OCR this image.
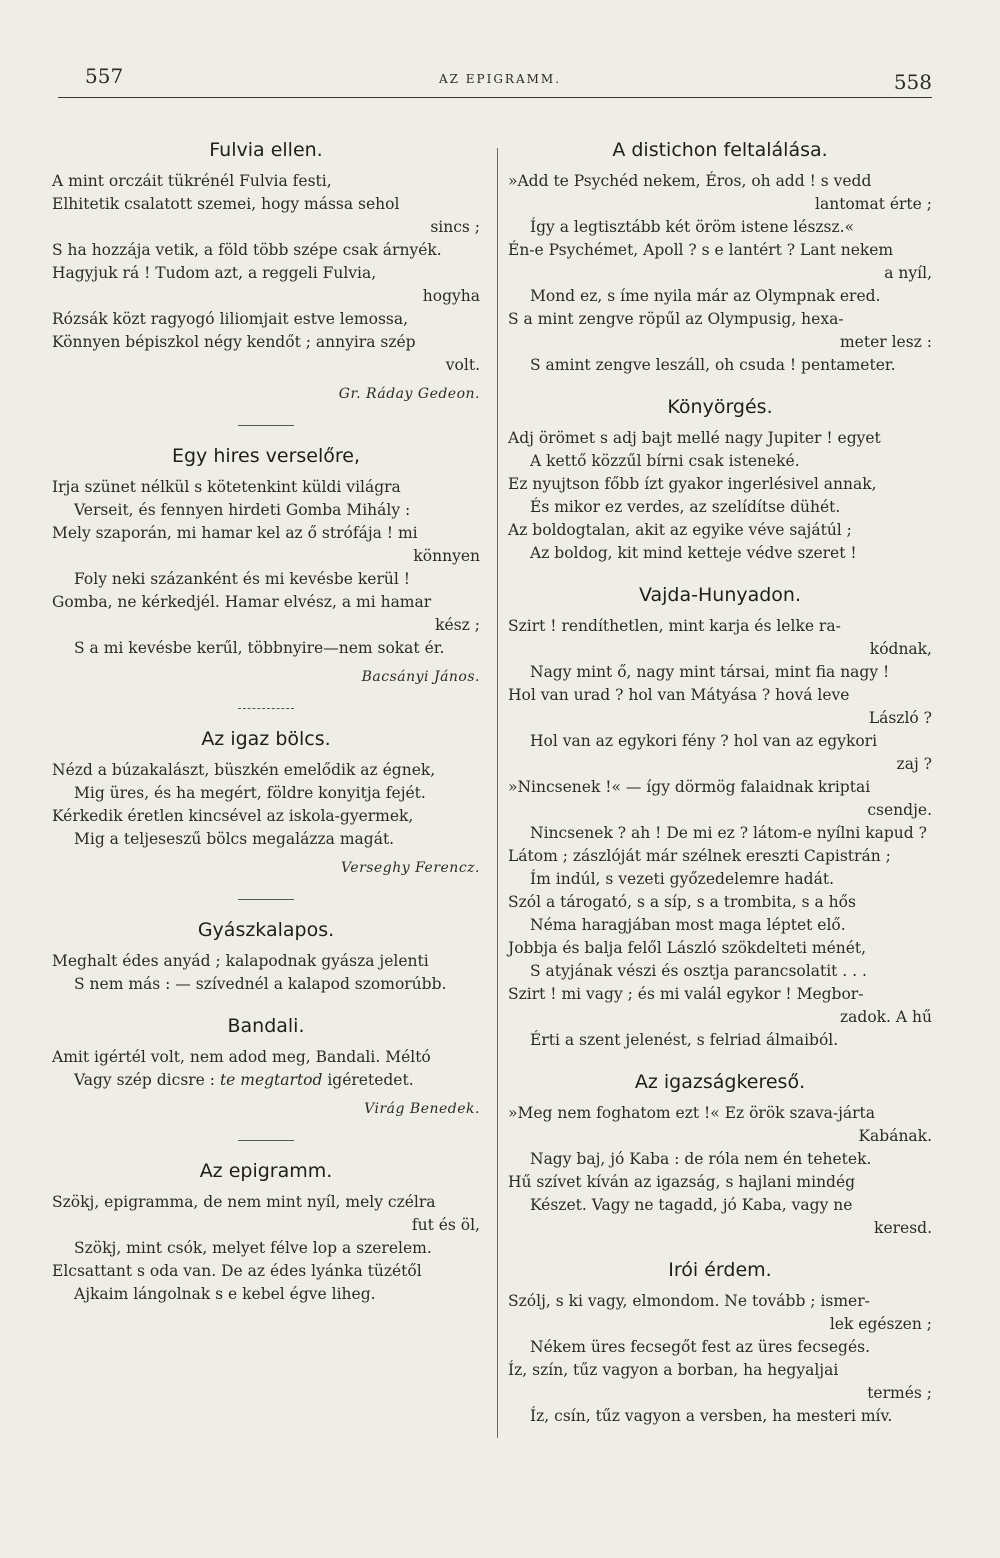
557	AZ EPIGRAMM.	558
Fulvia ellen.
A mint orczáit tükrénél Fulvia festi,
Elhitetik csalatott szemei, hogy mássa sehol
sincs ;
S ha hozzája vetik, a föld több szépe csak árnyék.
Hagyjuk rá ! Tudom azt, a reggeli Fulvia,
hogyha
Rózsák közt ragyogó liliomjait estve lemossa,
Könnyen bépiszkol négy kendőt ; annyira szép
volt.
Gr. Ráday Gedeon.
Egy hires verselőre,
Irja szünet nélkül s kötetenkint küldi világra
Verseit, és fennyen hirdeti Gomba Mihály :
Mely szaporán, mi hamar kel az ő strófája ! mi
könnyen
Foly neki százanként és mi kevésbe kerül !
Gomba, ne kérkedjél. Hamar elvész, a mi hamar
kész ;
S a mi kevésbe kerűl, többnyire—nem sokat ér.
Bacsányi János.
Az igaz bölcs.
Nézd a búzakalászt, büszkén emelődik az égnek,
Mig üres, és ha megért, földre konyitja fejét.
Kérkedik éretlen kincsével az iskola-gyermek,
Mig a teljeseszű bölcs megalázza magát.
Verseghy Ferencz.
Gyászkalapos.
Meghalt édes anyád ; kalapodnak gyásza jelenti
S nem más : — szívednél a kalapod szomorúbb.
Bandali.
Amit igértél volt, nem adod meg, Bandali. Méltó
Vagy szép dicsre : te megtartod igéretedet.
Virág Benedek.
Az epigramm.
Szökj, epigramma, de nem mint nyíl, mely czélra
fut és öl,
Szökj, mint csók, melyet félve lop a szerelem.
Elcsattant s oda van. De az édes lyánka tüzétől
Ajkaim lángolnak s e kebel égve liheg.
A distichon feltalálása.
»Add te Psychéd nekem, Éros, oh add ! s vedd
lantomat érte ;
Így a legtisztább két öröm istene lészsz.«
Én-e Psychémet, Apoll ? s e lantért ? Lant nekem
a nyíl,
Mond ez, s íme nyila már az Olympnak ered.
S a mint zengve röpűl az Olympusig, hexa-
meter lesz :
S amint zengve leszáll, oh csuda ! pentameter.
Könyörgés.
Adj örömet s adj bajt mellé nagy Jupiter ! egyet
A kettő közzűl bírni csak isteneké.
Ez nyujtson főbb ízt gyakor ingerlésivel annak,
És mikor ez verdes, az szelídítse dühét.
Az boldogtalan, akit az egyike véve sajátúl ;
Az boldog, kit mind ketteje védve szeret !
Vajda-Hunyadon.
Szirt ! rendíthetlen, mint karja és lelke ra-
kódnak,
Nagy mint ő, nagy mint társai, mint fia nagy !
Hol van urad ? hol van Mátyása ? hová leve
László ?
Hol van az egykori fény ? hol van az egykori
zaj ?
»Nincsenek !« — így dörmög falaidnak kriptai
csendje.
Nincsenek ? ah ! De mi ez ? látom-e nyílni kapud ?
Látom ; zászlóját már szélnek ereszti Capistrán ;
Ím indúl, s vezeti győzedelemre hadát.
Szól a tárogató, s a síp, s a trombita, s a hős
Néma haragjában most maga léptet elő.
Jobbja és balja felől László szökdelteti ménét,
S atyjának vészi és osztja parancsolatit . . .
Szirt ! mi vagy ; és mi valál egykor ! Megbor-
zadok. A hű
Érti a szent jelenést, s felriad álmaiból.
Az igazságkereső.
»Meg nem foghatom ezt !« Ez örök szava-járta
Kabának.
Nagy baj, jó Kaba : de róla nem én tehetek.
Hű szívet kíván az igazság, s hajlani mindég
Készet. Vagy ne tagadd, jó Kaba, vagy ne
keresd.
Irói érdem.
Szólj, s ki vagy, elmondom. Ne tovább ; ismer-
lek egészen ;
Nékem üres fecsegőt fest az üres fecsegés.
Íz, szín, tűz vagyon a borban, ha hegyaljai
termés ;
Íz, csín, tűz vagyon a versben, ha mesteri mív.
